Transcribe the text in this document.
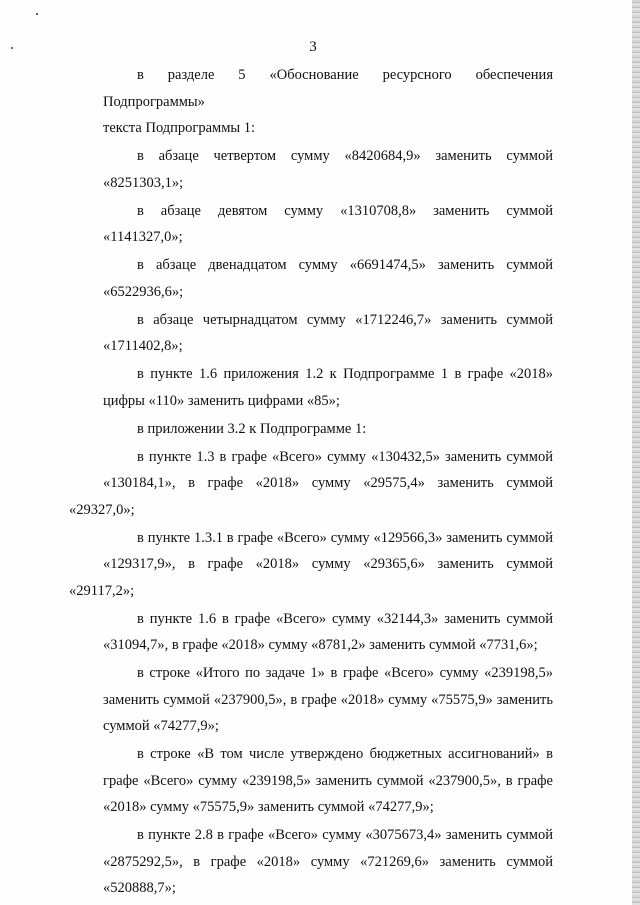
3
в разделе 5 «Обоснование ресурсного обеспечения Подпрограммы»
текста Подпрограммы 1:
в абзаце четвертом сумму «8420684,9» заменить суммой
«8251303,1»;
в абзаце девятом сумму «1310708,8» заменить суммой «1141327,0»;
в абзаце двенадцатом сумму «6691474,5» заменить суммой
«6522936,6»;
в абзаце четырнадцатом сумму «1712246,7» заменить суммой
«1711402,8»;
в пункте 1.6 приложения 1.2 к Подпрограмме 1 в графе «2018»
цифры «110» заменить цифрами «85»;
в приложении 3.2 к Подпрограмме 1:
в пункте 1.3 в графе «Всего» сумму «130432,5» заменить суммой
«130184,1», в графе «2018» сумму «29575,4» заменить суммой «29327,0»;
в пункте 1.3.1 в графе «Всего» сумму «129566,3» заменить суммой
«129317,9», в графе «2018» сумму «29365,6» заменить суммой «29117,2»;
в пункте 1.6 в графе «Всего» сумму «32144,3» заменить суммой
«31094,7», в графе «2018» сумму «8781,2» заменить суммой «7731,6»;
в строке «Итого по задаче 1» в графе «Всего» сумму «239198,5»
заменить суммой «237900,5», в графе «2018» сумму «75575,9» заменить
суммой «74277,9»;
в строке «В том числе утверждено бюджетных ассигнований» в
графе «Всего» сумму «239198,5» заменить суммой «237900,5», в графе
«2018» сумму «75575,9» заменить суммой «74277,9»;
в пункте 2.8 в графе «Всего» сумму «3075673,4» заменить суммой
«2875292,5», в графе «2018» сумму «721269,6» заменить суммой
«520888,7»;
